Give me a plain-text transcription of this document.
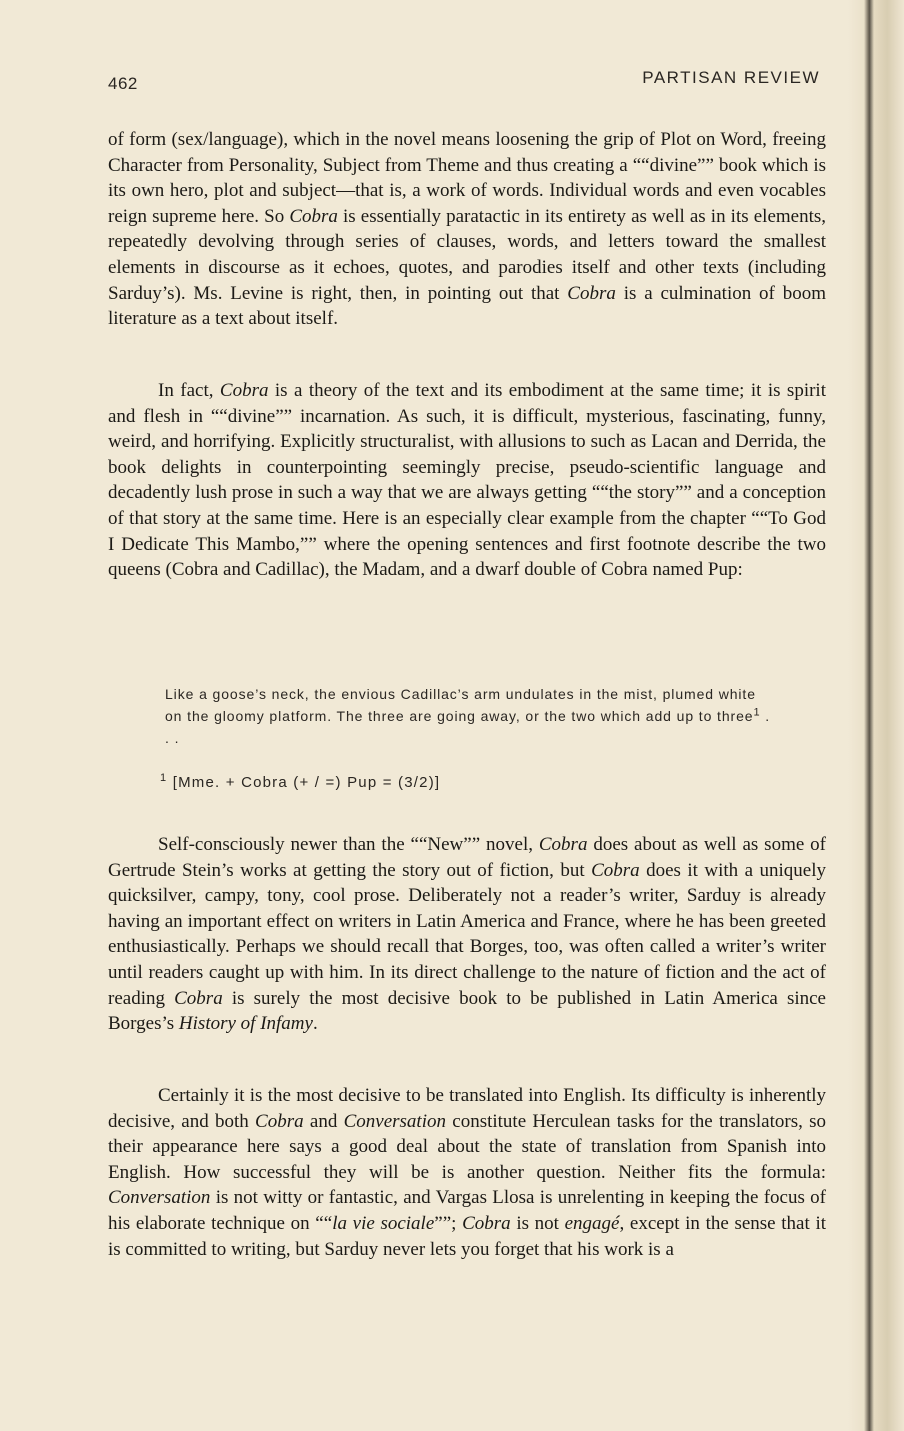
462	PARTISAN REVIEW

of form (sex/language), which in the novel means loosening the grip of Plot on Word, freeing Character from Personality, Subject from Theme and thus creating a ““divine”” book which is its own hero, plot and subject—that is, a work of words. Individual words and even vocables reign supreme here. So Cobra is essentially paratactic in its entirety as well as in its elements, repeatedly devolving through series of clauses, words, and letters toward the smallest elements in discourse as it echoes, quotes, and parodies itself and other texts (including Sarduy’s). Ms. Levine is right, then, in pointing out that Cobra is a culmination of boom literature as a text about itself.

In fact, Cobra is a theory of the text and its embodiment at the same time; it is spirit and flesh in ““divine”” incarnation. As such, it is difficult, mysterious, fascinating, funny, weird, and horrifying. Explicitly structuralist, with allusions to such as Lacan and Derrida, the book delights in counterpointing seemingly precise, pseudo-scientific language and decadently lush prose in such a way that we are always getting ““the story”” and a conception of that story at the same time. Here is an especially clear example from the chapter ““To God I Dedicate This Mambo,”” where the opening sentences and first footnote describe the two queens (Cobra and Cadillac), the Madam, and a dwarf double of Cobra named Pup:

Like a goose’s neck, the envious Cadillac’s arm undulates in the mist, plumed white on the gloomy platform. The three are going away, or the two which add up to three$^1$ . . .

$^1$ [Mme. + Cobra (+ / =) Pup = (3/2)]

Self-consciously newer than the ““New”” novel, Cobra does about as well as some of Gertrude Stein’s works at getting the story out of fiction, but Cobra does it with a uniquely quicksilver, campy, tony, cool prose. Deliberately not a reader’s writer, Sarduy is already having an important effect on writers in Latin America and France, where he has been greeted enthusiastically. Perhaps we should recall that Borges, too, was often called a writer’s writer until readers caught up with him. In its direct challenge to the nature of fiction and the act of reading Cobra is surely the most decisive book to be published in Latin America since Borges’s History of Infamy.

Certainly it is the most decisive to be translated into English. Its difficulty is inherently decisive, and both Cobra and Conversation constitute Herculean tasks for the translators, so their appearance here says a good deal about the state of translation from Spanish into English. How successful they will be is another question. Neither fits the formula: Conversation is not witty or fantastic, and Vargas Llosa is unrelenting in keeping the focus of his elaborate technique on ““la vie sociale””; Cobra is not engagé, except in the sense that it is committed to writing, but Sarduy never lets you forget that his work is a
